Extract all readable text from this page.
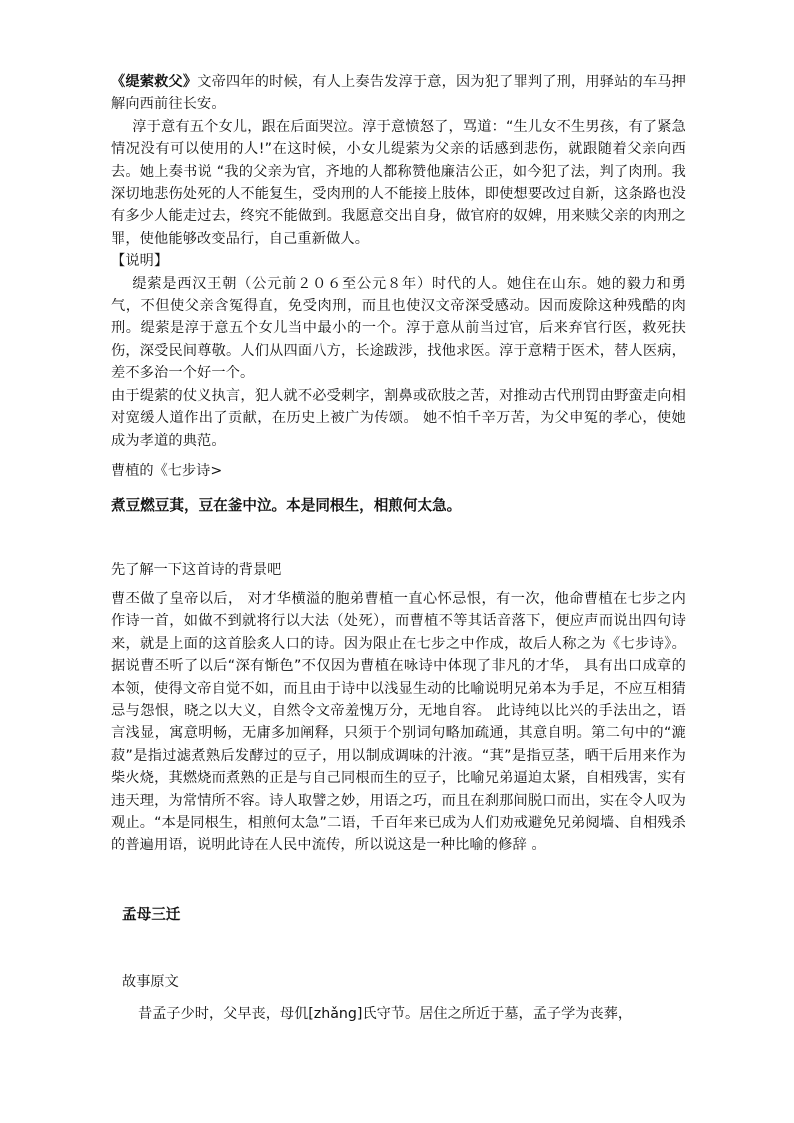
《缇萦救父》文帝四年的时候，有人上奏告发淳于意，因为犯了罪判了刑，用驿站的车马押解向西前往长安。

淳于意有五个女儿，跟在后面哭泣。淳于意愤怒了，骂道：“生儿女不生男孩，有了紧急情况没有可以使用的人!”在这时候，小女儿缇萦为父亲的话感到悲伤，就跟随着父亲向西去。她上奏书说 “我的父亲为官，齐地的人都称赞他廉洁公正，如今犯了法，判了肉刑。我深切地悲伤处死的人不能复生，受肉刑的人不能接上肢体，即使想要改过自新，这条路也没有多少人能走过去，终究不能做到。我愿意交出自身，做官府的奴婢，用来赎父亲的肉刑之罪，使他能够改变品行，自己重新做人。

【说明】

缇萦是西汉王朝（公元前２０６至公元８年）时代的人。她住在山东。她的毅力和勇气，不但使父亲含冤得直，免受肉刑，而且也使汉文帝深受感动。因而废除这种残酷的肉刑。缇萦是淳于意五个女儿当中最小的一个。淳于意从前当过官，后来弃官行医，救死扶伤，深受民间尊敬。人们从四面八方，长途跋涉，找他求医。淳于意精于医术，替人医病，差不多治一个好一个。

由于缇萦的仗义执言，犯人就不必受刺字，割鼻或砍肢之苦，对推动古代刑罚由野蛮走向相对宽缓人道作出了贡献，在历史上被广为传颂。 她不怕千辛万苦，为父申冤的孝心，使她成为孝道的典范。

曹植的《七步诗>
煮豆燃豆萁，豆在釜中泣。本是同根生，相煎何太急。
先了解一下这首诗的背景吧

曹丕做了皇帝以后， 对才华横溢的胞弟曹植一直心怀忌恨，有一次，他命曹植在七步之内作诗一首，如做不到就将行以大法（处死），而曹植不等其话音落下，便应声而说出四句诗来，就是上面的这首脍炙人口的诗。因为限止在七步之中作成，故后人称之为《七步诗》。据说曹丕听了以后“深有惭色”不仅因为曹植在咏诗中体现了非凡的才华， 具有出口成章的本领，使得文帝自觉不如，而且由于诗中以浅显生动的比喻说明兄弟本为手足，不应互相猜忌与怨恨，晓之以大义，自然令文帝羞愧万分，无地自容。 此诗纯以比兴的手法出之，语言浅显，寓意明畅，无庸多加阐释，只须于个别词句略加疏通，其意自明。第二句中的“漉菽”是指过滤煮熟后发酵过的豆子，用以制成调味的汁液。“萁”是指豆茎，晒干后用来作为柴火烧，萁燃烧而煮熟的正是与自己同根而生的豆子，比喻兄弟逼迫太紧，自相残害，实有违天理，为常情所不容。诗人取譬之妙，用语之巧，而且在刹那间脱口而出，实在令人叹为观止。“本是同根生，相煎何太急”二语，千百年来已成为人们劝戒避免兄弟阋墙、自相残杀的普遍用语，说明此诗在人民中流传，所以说这是一种比喻的修辞 。

孟母三迁
故事原文
昔孟子少时，父早丧，母仉[zhǎng]氏守节。居住之所近于墓，孟子学为丧葬，
